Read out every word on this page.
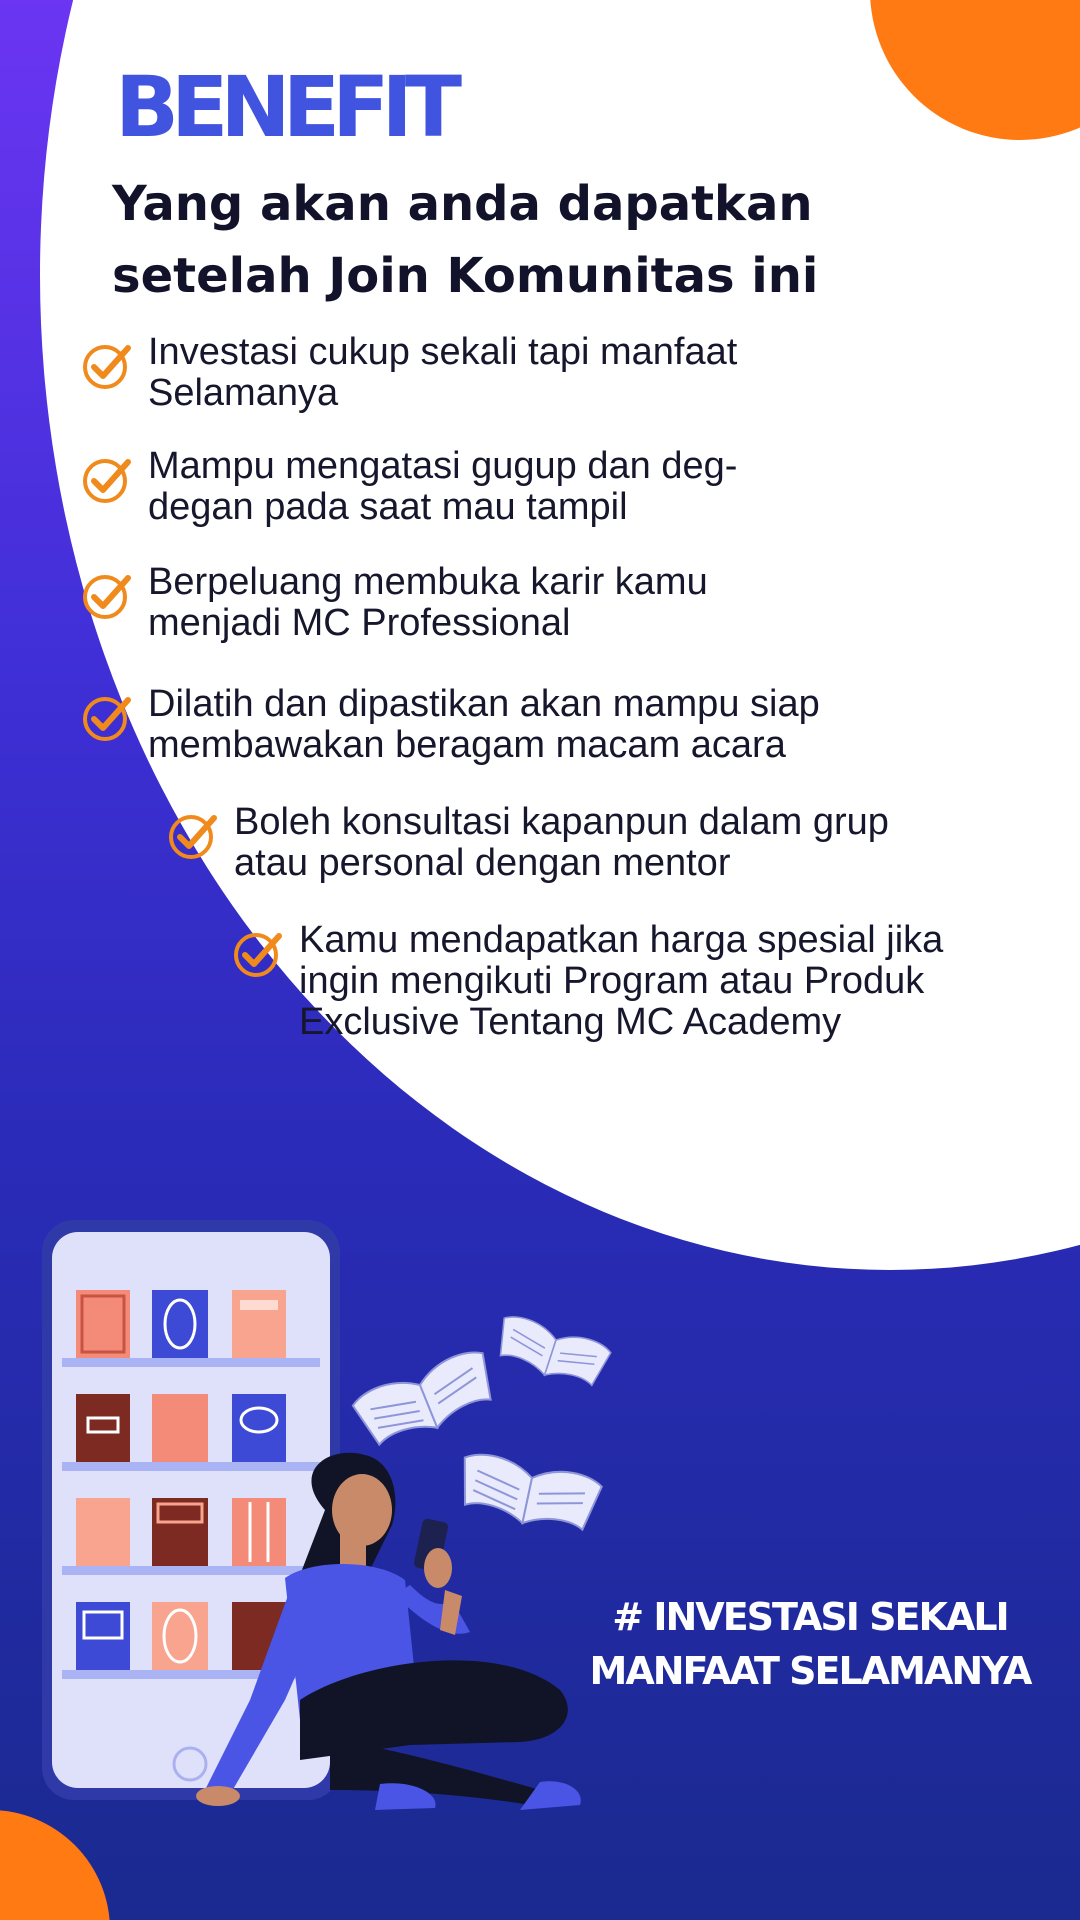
BENEFIT
Yang akan anda dapatkan setelah Join Komunitas ini
Investasi cukup sekali tapi manfaat
Selamanya
Mampu mengatasi gugup dan deg-
degan pada saat mau tampil
Berpeluang membuka karir kamu
menjadi MC Professional
Dilatih dan dipastikan akan mampu siap
membawakan beragam macam acara
Boleh konsultasi kapanpun dalam grup
atau personal dengan mentor
Kamu mendapatkan harga spesial jika
ingin mengikuti Program atau Produk
Exclusive Tentang MC Academy
# INVESTASI SEKALI
MANFAAT SELAMANYA
